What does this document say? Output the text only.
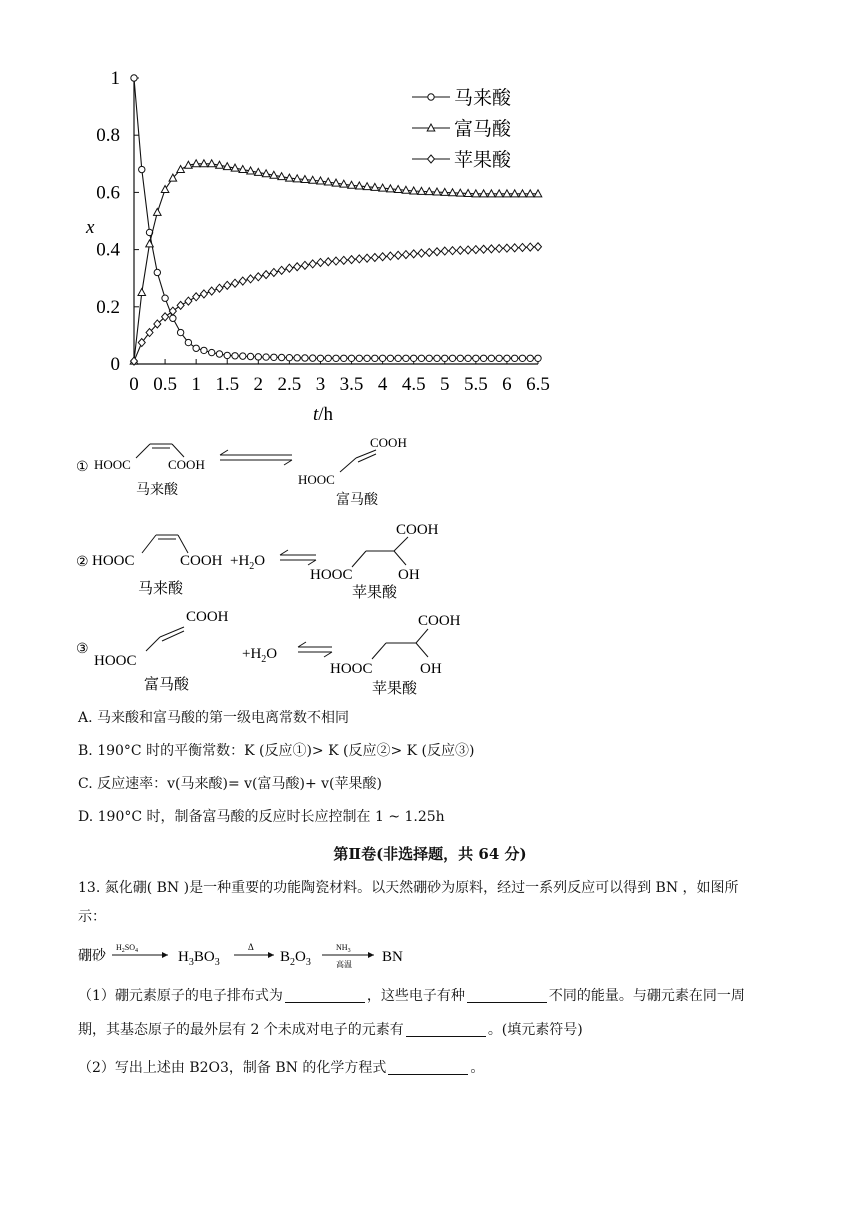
0
0.2
0.4
0.6
0.8
1
0 0.5 1 1.5 2 2.5 3 3.5 4 4.5 5 5.5 6 6.5
马来酸
富马酸
苹果酸
x
t/h
① HOOC	COOH
马来酸
COOH
HOOC
富马酸
② HOOC	COOH $+H_2O$
马来酸
COOH
HOOC	OH
苹果酸
③
COOH
HOOC
富马酸
$+H_2O$
COOH
HOOC	OH
苹果酸
A. 马来酸和富马酸的第一级电离常数不相同
B. 190°C 时的平衡常数：K (反应①)> K (反应②> K (反应③)
C. 反应速率：v(马来酸)= v(富马酸)+ v(苹果酸)
D. 190°C 时，制备富马酸的反应时长应控制在 1 ~ 1.25h
第Ⅱ卷(非选择题，共 64 分)
13. 氮化硼( BN )是一种重要的功能陶瓷材料。以天然硼砂为原料，经过一系列反应可以得到 BN ，如图所
示：
硼砂
$H_2SO_4$	$H_3BO_3$
Δ
$B_2O_3$
$NH_3$
高温 BN
（1）硼元素原子的电子排布式为	，这些电子有种	不同的能量。与硼元素在同一周
期，其基态原子的最外层有 2 个未成对电子的元素有	。(填元素符号)
（2）写出上述由 B2O3，制备 BN 的化学方程式	。
